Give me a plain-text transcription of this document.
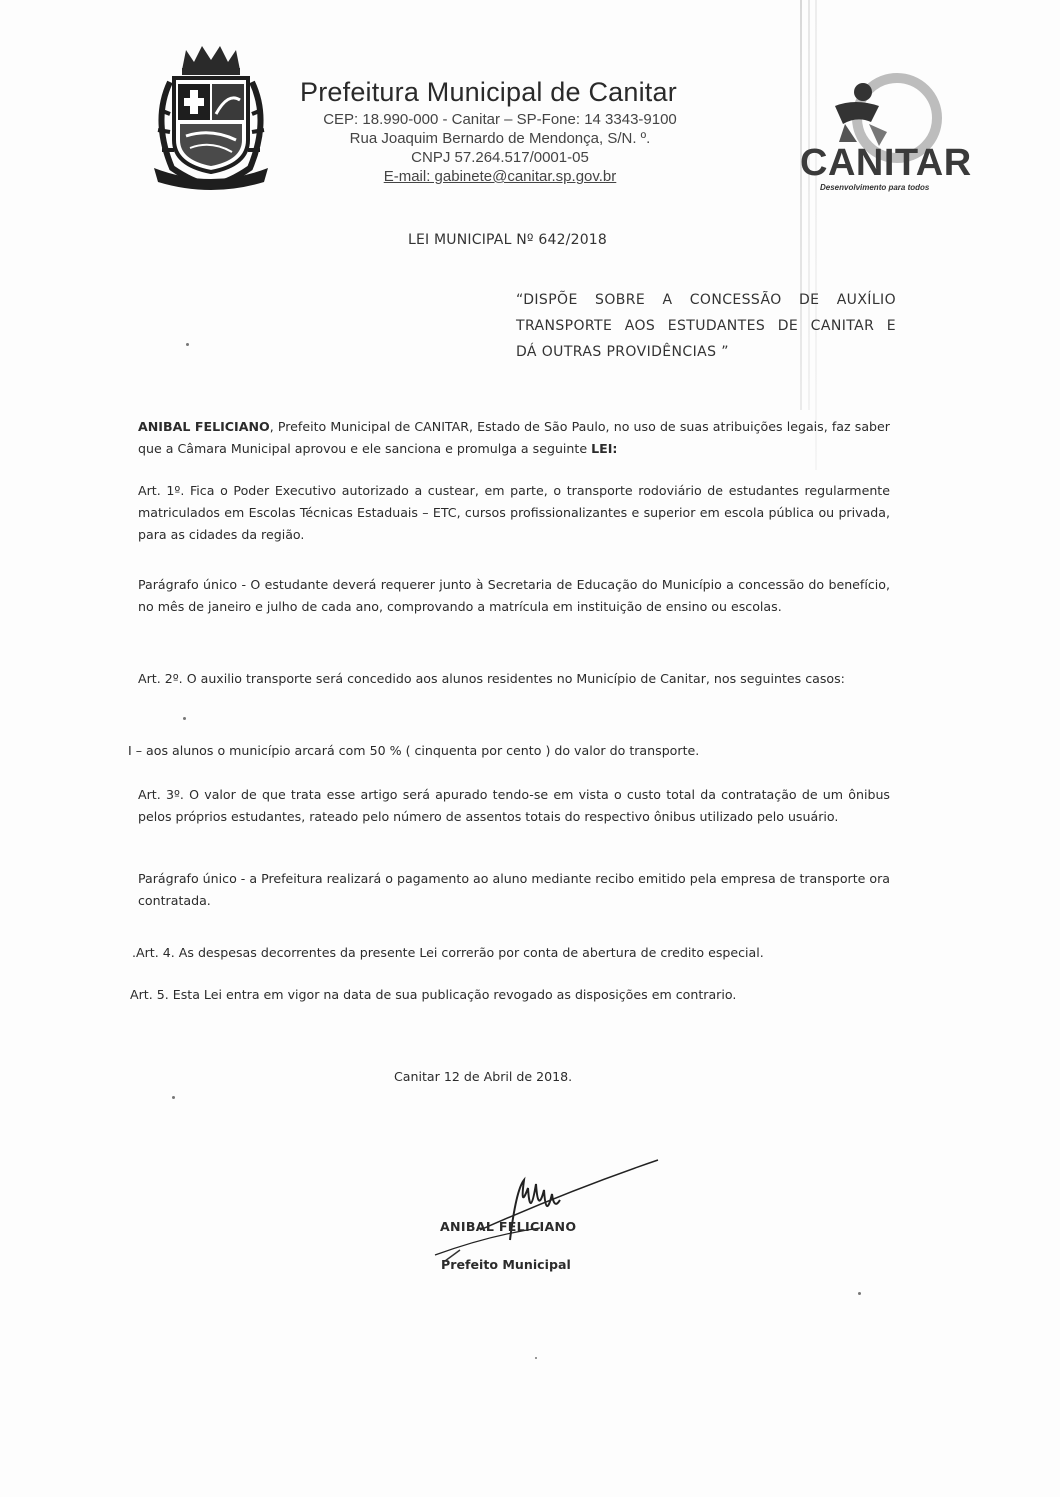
Prefeitura Municipal de Canitar
CEP: 18.990-000 - Canitar – SP-Fone: 14 3343-9100
Rua Joaquim Bernardo de Mendonça, S/N. º.
CNPJ 57.264.517/0001-05
E-mail: gabinete@canitar.sp.gov.br	CANITAR
Desenvolvimento para todos
LEI MUNICIPAL Nº 642/2018
“DISPÕE SOBRE A CONCESSÃO DE AUXÍLIO
TRANSPORTE AOS ESTUDANTES DE CANITAR E
DÁ OUTRAS PROVIDÊNCIAS ”
ANIBAL FELICIANO, Prefeito Municipal de CANITAR, Estado de São Paulo, no uso de suas atribuições legais, faz saber que a Câmara Municipal aprovou e ele sanciona e promulga a seguinte LEI:
Art. 1º. Fica o Poder Executivo autorizado a custear, em parte, o transporte rodoviário de estudantes regularmente matriculados em Escolas Técnicas Estaduais – ETC, cursos profissionalizantes e superior em escola pública ou privada, para as cidades da região.
Parágrafo único - O estudante deverá requerer junto à Secretaria de Educação do Município a concessão do benefício, no mês de janeiro e julho de cada ano, comprovando a matrícula em instituição de ensino ou escolas.
Art. 2º. O auxilio transporte será concedido aos alunos residentes no Município de Canitar, nos seguintes casos:
I – aos alunos o município arcará com 50 % ( cinquenta por cento ) do valor do transporte.
Art. 3º. O valor de que trata esse artigo será apurado tendo-se em vista o custo total da contratação de um ônibus pelos próprios estudantes, rateado pelo número de assentos totais do respectivo ônibus utilizado pelo usuário.
Parágrafo único - a Prefeitura realizará o pagamento ao aluno mediante recibo emitido pela empresa de transporte ora contratada.
.Art. 4. As despesas decorrentes da presente Lei correrão por conta de abertura de credito especial.
Art. 5. Esta Lei entra em vigor na data de sua publicação revogado as disposições em contrario.
Canitar 12 de Abril de 2018.
ANIBAL FELICIANO
Prefeito Municipal
